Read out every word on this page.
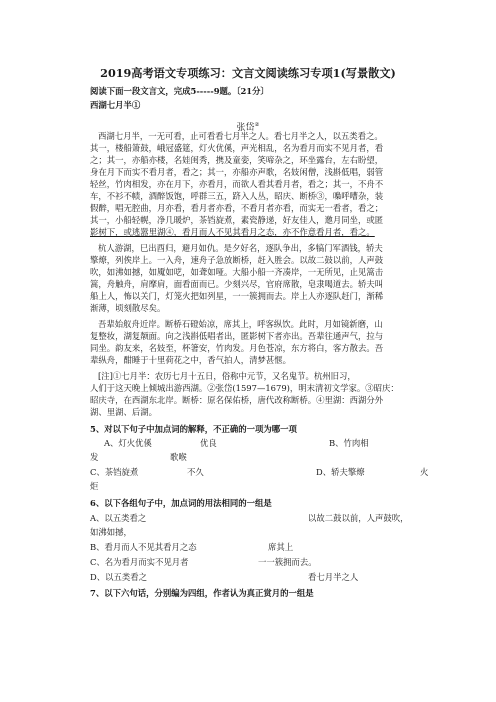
2019高考语文专项练习：文言文阅读练习专项1(写景散文)
阅读下面一段文言文，完成5-----9题。〔21分〕
西湖七月半①
张岱②
西湖七月半，一无可看，止可看看七月半之人。看七月半之人，以五类看之。
其一，楼船箫鼓，峨冠盛筵，灯火优傒，声光相乱，名为看月而实不见月者，看
之；其一，亦船亦楼，名娃闺秀，携及童娈，笑啼杂之，环坐露台，左右盼望，
身在月下而实不看月者，看之；其一，亦船亦声歌，名妓闲僧，浅斟低唱，弱管
轻丝，竹肉相发，亦在月下，亦看月，而欲人看其看月者，看之；其一，不舟不
车，不衫不帻，酒醉饭饱，呼群三五，跻入人丛，昭庆、断桥③，嘄呼嘈杂，装
假醉，唱无腔曲，月亦看，看月者亦看，不看月者亦看，而实无一看者，看之；
其一，小船轻幌，净几暖炉，茶铛旋煮，素瓷静递，好友佳人，邀月同坐，或匿
影树下，或逃嚣里湖④，看月而人不见其看月之态，亦不作意看月者，看之。
杭人游湖，巳出酉归，避月如仇。是夕好名，逐队争出，多犒门军酒钱，轿夫
擎燎，列俟岸上。一入舟，速舟子急放断桥，赶入胜会。以故二鼓以前，人声鼓
吹，如沸如撼，如魇如呓，如聋如哑。大船小船一齐凑岸，一无所见，止见篙击
篙，舟触舟，肩摩肩，面看面而已。少刻兴尽，官府席散，皂隶喝道去。轿夫叫
船上人，怖以关门，灯笼火把如列星，一一簇拥而去。岸上人亦逐队赶门，渐稀
渐薄，顷刻散尽矣。
吾辈始舣舟近岸。断桥石磴始凉，席其上，呼客纵饮。此时，月如镜新磨，山
复整妆，湖复颒面。向之浅斟低唱者出，匿影树下者亦出。吾辈往通声气，拉与
同坐。韵友来，名妓至，杯箸安，竹肉发。月色苍凉，东方将白，客方散去。吾
辈纵舟，酣睡于十里荷花之中，香气拍人，清梦甚惬。
[注]①七月半：农历七月十五日，俗称中元节，又名鬼节。杭州旧习，
人们于这天晚上倾城出游西湖。②张岱(1597—1679)，明末清初文学家。③昭庆：
昭庆寺，在西湖东北岸。断桥：原名保佑桥，唐代改称断桥。④里湖：西湖分外
湖、里湖、后湖。
5、对以下句子中加点词的解释，不正确的一项为哪一项
A、灯火优傒	优良	B、竹肉相
发	歌喉
C、茶铛旋煮	不久	D、轿夫擎燎	火
炬
6、以下各组句子中，加点词的用法相同的一组是
A、以五类看之	以故二鼓以前，人声鼓吹，
如沸如撼，
B、看月而人不见其看月之态	席其上
C、名为看月而实不见月者	一一簇拥而去。
D、以五类看之	看七月半之人
7、以下六句话，分别编为四组，作者认为真正赏月的一组是
